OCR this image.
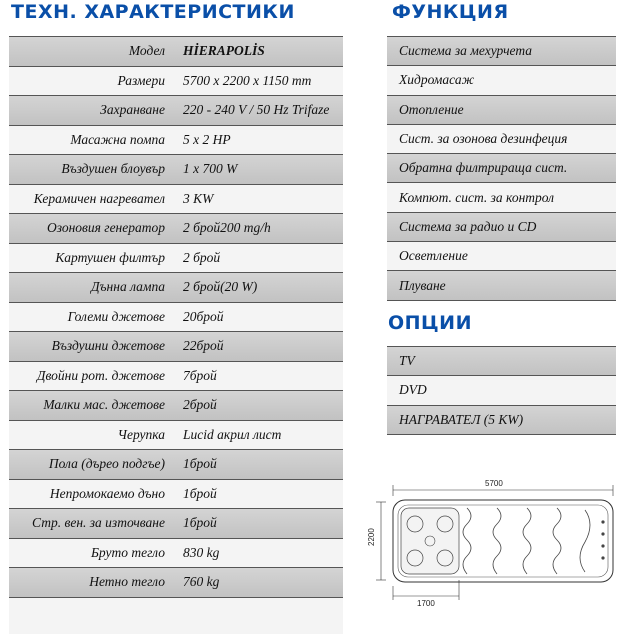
ТЕХН. ХАРАКТЕРИСТИКИ	ФУНКЦИЯ
ОПЦИИ
Модел	HİERAPOLİS
Размери	5700 x 2200 x 1150 mm
Захранване	220 - 240 V / 50 Hz Trifaze
Масажна помпа	5 x 2 HP
Въздушен блоувър	1 x 700 W
Керамичен нагревател	3 KW
Озоновия генератор	2 брой200 mg/h
Картушен филтър	2 брой
Дънна лампа	2 брой(20 W)
Големи джетове	20брой
Въздушни джетове	22брой
Двойни рот. джетове	7брой
Малки мас. джетове	2брой
Черупка	Lucid акрил лист
Пола (дърео подгъе)	1брой
Непромокаемо дъно	1брой
Стр. вен. за източване	1брой
Бруто тегло	830 kg
Нетно тегло	760 kg
Система за мехурчета
Хидромасаж
Отопление
Сист. за озонова дезинфеция
Обратна филтрираща сист.
Компют. сист. за контрол
Система за радио и CD
Осветление
Плуване
TV
DVD
НАГРАВАТЕЛ (5 KW)
5700
2200
1700
